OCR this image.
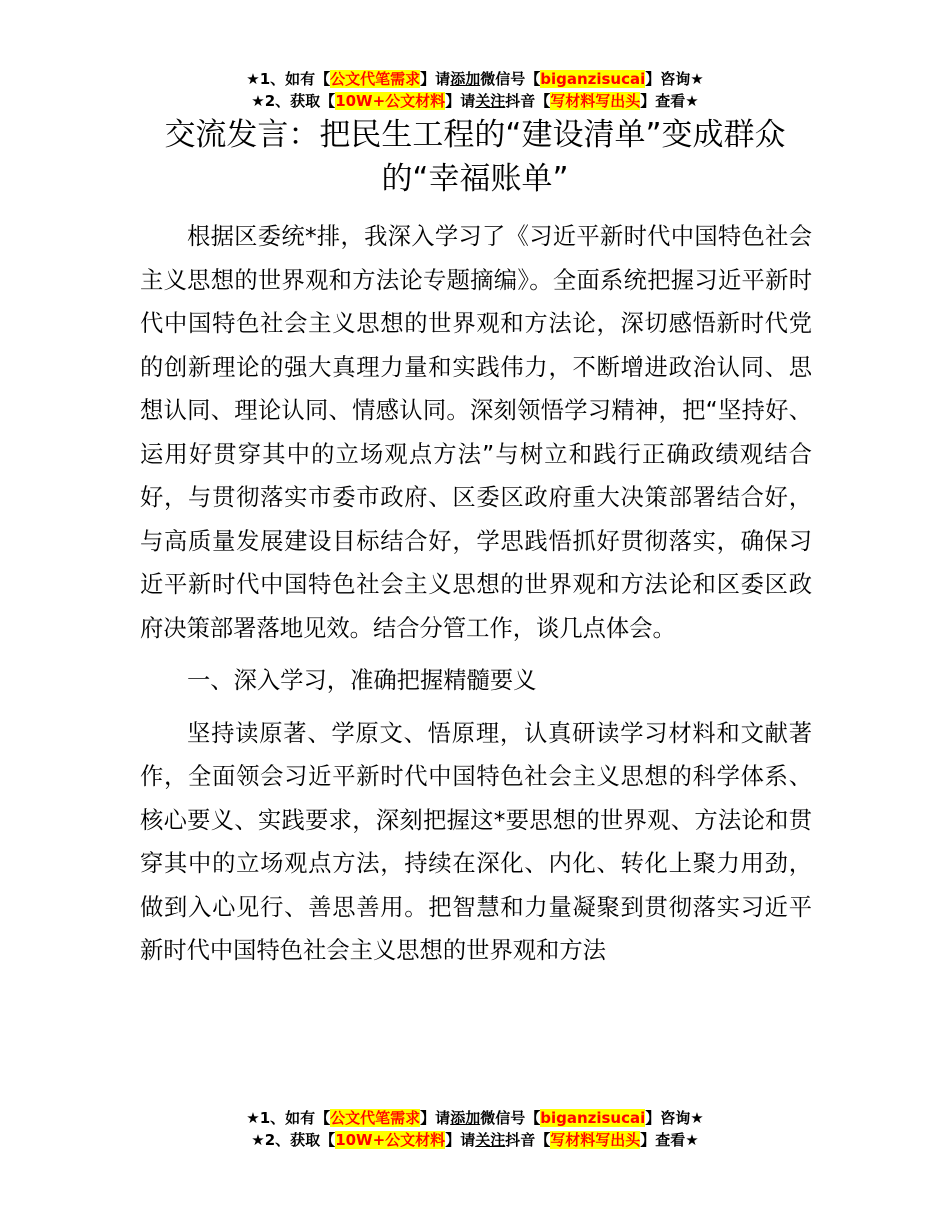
★1、如有【公文代笔需求】请添加微信号【biganzisucai】咨询★
★2、获取【10W+公文材料】请关注抖音【写材料写出头】查看★
交流发言：把民生工程的“建设清单”变成群众的“幸福账单”

根据区委统*排，我深入学习了《习近平新时代中国特色社会主义思想的世界观和方法论专题摘编》。全面系统把握习近平新时代中国特色社会主义思想的世界观和方法论，深切感悟新时代党的创新理论的强大真理力量和实践伟力，不断增进政治认同、思想认同、理论认同、情感认同。深刻领悟学习精神，把“坚持好、运用好贯穿其中的立场观点方法”与树立和践行正确政绩观结合好，与贯彻落实市委市政府、区委区政府重大决策部署结合好，与高质量发展建设目标结合好，学思践悟抓好贯彻落实，确保习近平新时代中国特色社会主义思想的世界观和方法论和区委区政府决策部署落地见效。结合分管工作，谈几点体会。

一、深入学习，准确把握精髓要义

坚持读原著、学原文、悟原理，认真研读学习材料和文献著作，全面领会习近平新时代中国特色社会主义思想的科学体系、核心要义、实践要求，深刻把握这*要思想的世界观、方法论和贯穿其中的立场观点方法，持续在深化、内化、转化上聚力用劲，做到入心见行、善思善用。把智慧和力量凝聚到贯彻落实习近平新时代中国特色社会主义思想的世界观和方法

★1、如有【公文代笔需求】请添加微信号【biganzisucai】咨询★
★2、获取【10W+公文材料】请关注抖音【写材料写出头】查看★
